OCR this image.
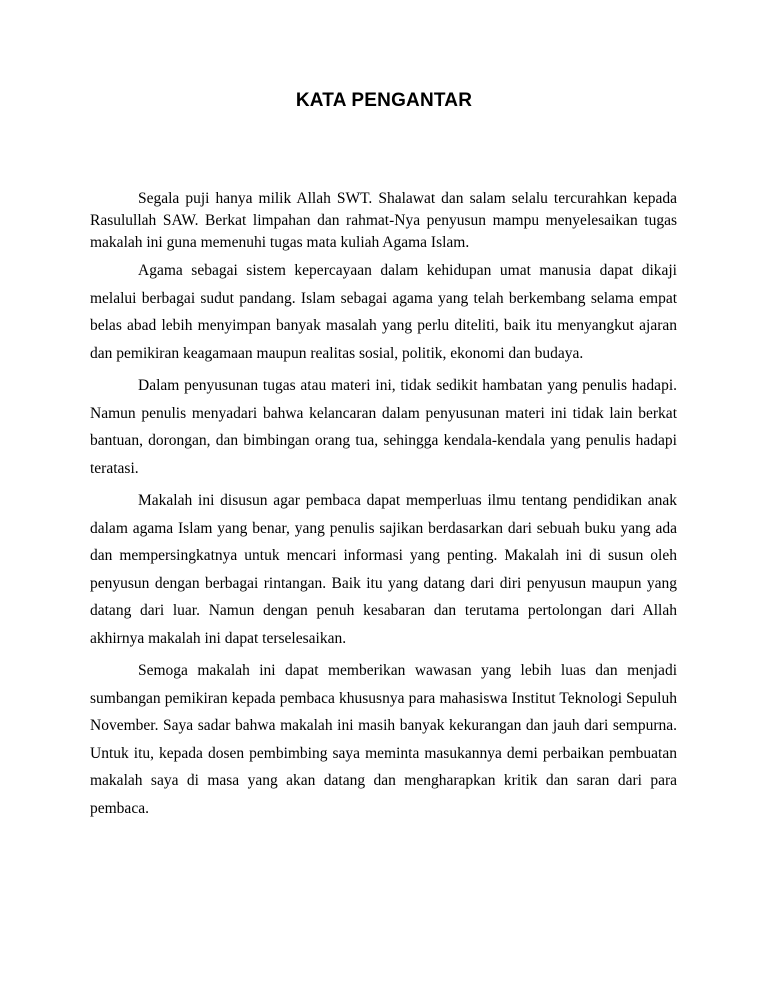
KATA PENGANTAR

Segala puji hanya milik Allah SWT. Shalawat dan salam selalu tercurahkan kepada Rasulullah SAW. Berkat limpahan dan rahmat-Nya penyusun mampu menyelesaikan tugas makalah ini guna memenuhi tugas mata kuliah Agama Islam.

Agama sebagai sistem kepercayaan dalam kehidupan umat manusia dapat dikaji melalui berbagai sudut pandang. Islam sebagai agama yang telah berkembang selama empat belas abad lebih menyimpan banyak masalah yang perlu diteliti, baik itu menyangkut ajaran dan pemikiran keagamaan maupun realitas sosial, politik, ekonomi dan budaya.

Dalam penyusunan tugas atau materi ini, tidak sedikit hambatan yang penulis hadapi. Namun penulis menyadari bahwa kelancaran dalam penyusunan materi ini tidak lain berkat bantuan, dorongan, dan bimbingan orang tua, sehingga kendala-kendala yang penulis hadapi teratasi.

Makalah ini disusun agar pembaca dapat memperluas ilmu tentang pendidikan anak dalam agama Islam yang benar, yang penulis sajikan berdasarkan dari sebuah buku yang ada dan mempersingkatnya untuk mencari informasi yang penting. Makalah ini di susun oleh penyusun dengan berbagai rintangan. Baik itu yang datang dari diri penyusun maupun yang datang dari luar. Namun dengan penuh kesabaran dan terutama pertolongan dari Allah akhirnya makalah ini dapat terselesaikan.

Semoga makalah ini dapat memberikan wawasan yang lebih luas dan menjadi sumbangan pemikiran kepada pembaca khususnya para mahasiswa Institut Teknologi Sepuluh November. Saya sadar bahwa makalah ini masih banyak kekurangan dan jauh dari sempurna. Untuk itu, kepada dosen pembimbing saya meminta masukannya demi perbaikan pembuatan makalah saya di masa yang akan datang dan mengharapkan kritik dan saran dari para pembaca.
